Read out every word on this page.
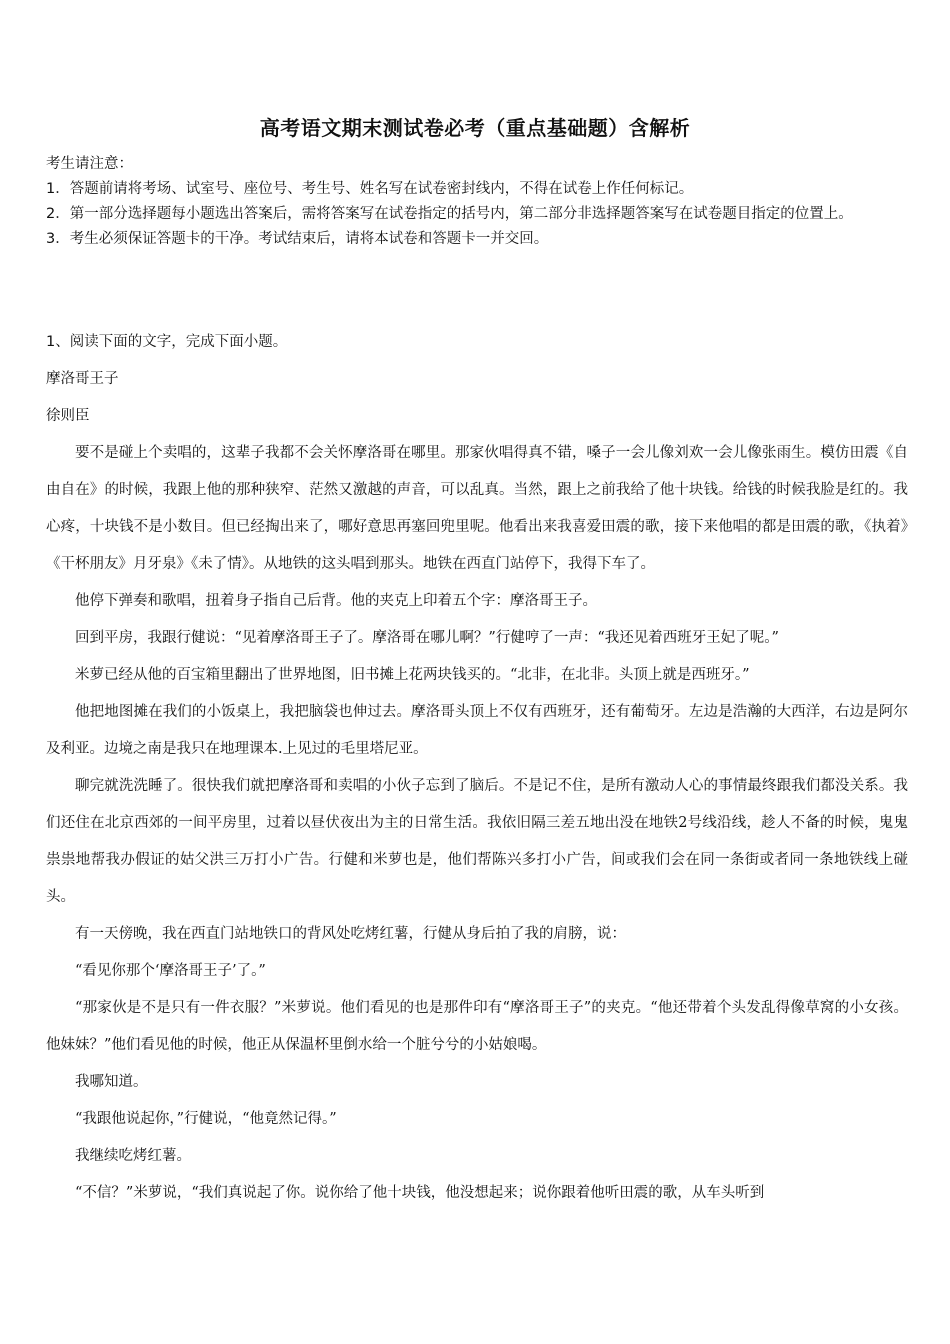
高考语文期末测试卷必考（重点基础题）含解析

考生请注意：

1．答题前请将考场、试室号、座位号、考生号、姓名写在试卷密封线内，不得在试卷上作任何标记。

2．第一部分选择题每小题选出答案后，需将答案写在试卷指定的括号内，第二部分非选择题答案写在试卷题目指定的位置上。

3．考生必须保证答题卡的干净。考试结束后，请将本试卷和答题卡一并交回。

1、阅读下面的文字，完成下面小题。

摩洛哥王子

徐则臣

要不是碰上个卖唱的，这辈子我都不会关怀摩洛哥在哪里。那家伙唱得真不错，嗓子一会儿像刘欢一会儿像张雨生。模仿田震《自由自在》的时候，我跟上他的那种狭窄、茫然又激越的声音，可以乱真。当然，跟上之前我给了他十块钱。给钱的时候我脸是红的。我心疼，十块钱不是小数目。但已经掏出来了，哪好意思再塞回兜里呢。他看出来我喜爱田震的歌，接下来他唱的都是田震的歌，《执着》《干杯朋友》月牙泉》《未了情》。从地铁的这头唱到那头。地铁在西直门站停下，我得下车了。

他停下弹奏和歌唱，扭着身子指自己后背。他的夹克上印着五个字：摩洛哥王子。

回到平房，我跟行健说：“见着摩洛哥王子了。摩洛哥在哪儿啊？”行健哼了一声：“我还见着西班牙王妃了呢。”

米萝已经从他的百宝箱里翻出了世界地图，旧书摊上花两块钱买的。“北非，在北非。头顶上就是西班牙。”

他把地图摊在我们的小饭桌上，我把脑袋也伸过去。摩洛哥头顶上不仅有西班牙，还有葡萄牙。左边是浩瀚的大西洋，右边是阿尔及利亚。边境之南是我只在地理课本.上见过的毛里塔尼亚。

聊完就洗洗睡了。很快我们就把摩洛哥和卖唱的小伙子忘到了脑后。不是记不住，是所有激动人心的事情最终跟我们都没关系。我们还住在北京西郊的一间平房里，过着以昼伏夜出为主的日常生活。我依旧隔三差五地出没在地铁2号线沿线，趁人不备的时候，鬼鬼祟祟地帮我办假证的姑父洪三万打小广告。行健和米萝也是，他们帮陈兴多打小广告，间或我们会在同一条街或者同一条地铁线上碰头。

有一天傍晚，我在西直门站地铁口的背风处吃烤红薯，行健从身后拍了我的肩膀，说：

“看见你那个‘摩洛哥王子’了。”

“那家伙是不是只有一件衣服？”米萝说。他们看见的也是那件印有“摩洛哥王子”的夹克。“他还带着个头发乱得像草窝的小女孩。他妹妹？”他们看见他的时候，他正从保温杯里倒水给一个脏兮兮的小姑娘喝。

我哪知道。

“我跟他说起你，”行健说，“他竟然记得。”

我继续吃烤红薯。

“不信？”米萝说，“我们真说起了你。说你给了他十块钱，他没想起来；说你跟着他听田震的歌，从车头听到
